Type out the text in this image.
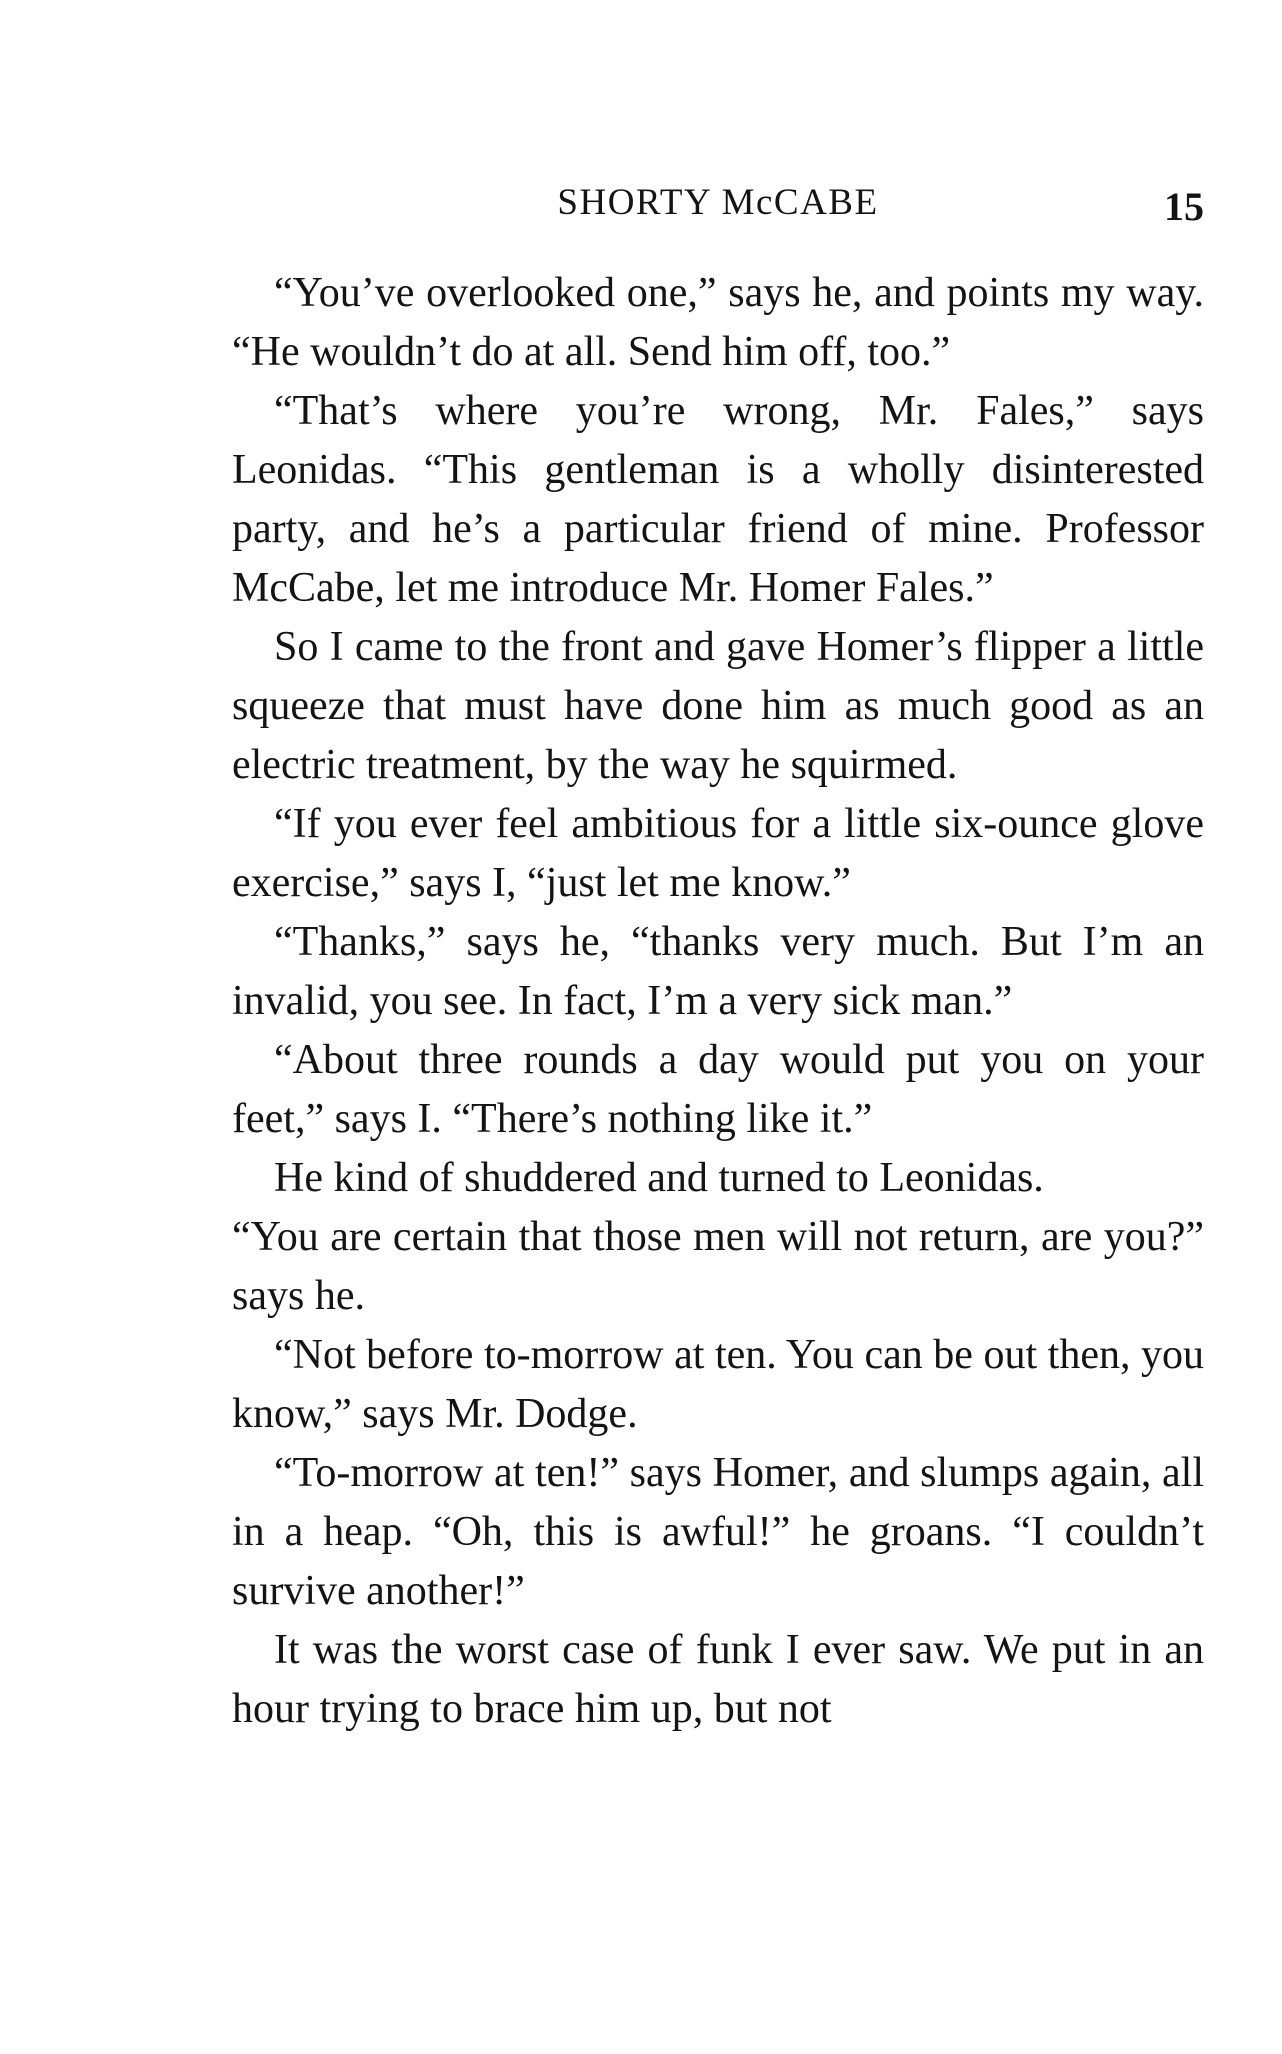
SHORTY McCABE	15

“You’ve overlooked one,” says he, and points my way. “He wouldn’t do at all. Send him off, too.”

“That’s where you’re wrong, Mr. Fales,” says Leonidas. “This gentleman is a wholly disinterested party, and he’s a particular friend of mine. Professor McCabe, let me introduce Mr. Homer Fales.”

So I came to the front and gave Homer’s flipper a little squeeze that must have done him as much good as an electric treatment, by the way he squirmed.

“If you ever feel ambitious for a little six-ounce glove exercise,” says I, “just let me know.”

“Thanks,” says he, “thanks very much. But I’m an invalid, you see. In fact, I’m a very sick man.”

“About three rounds a day would put you on your feet,” says I. “There’s nothing like it.”

He kind of shuddered and turned to Leonidas.

“You are certain that those men will not return, are you?” says he.

“Not before to-morrow at ten. You can be out then, you know,” says Mr. Dodge.

“To-morrow at ten!” says Homer, and slumps again, all in a heap. “Oh, this is awful!” he groans. “I couldn’t survive another!”

It was the worst case of funk I ever saw. We put in an hour trying to brace him up, but not
